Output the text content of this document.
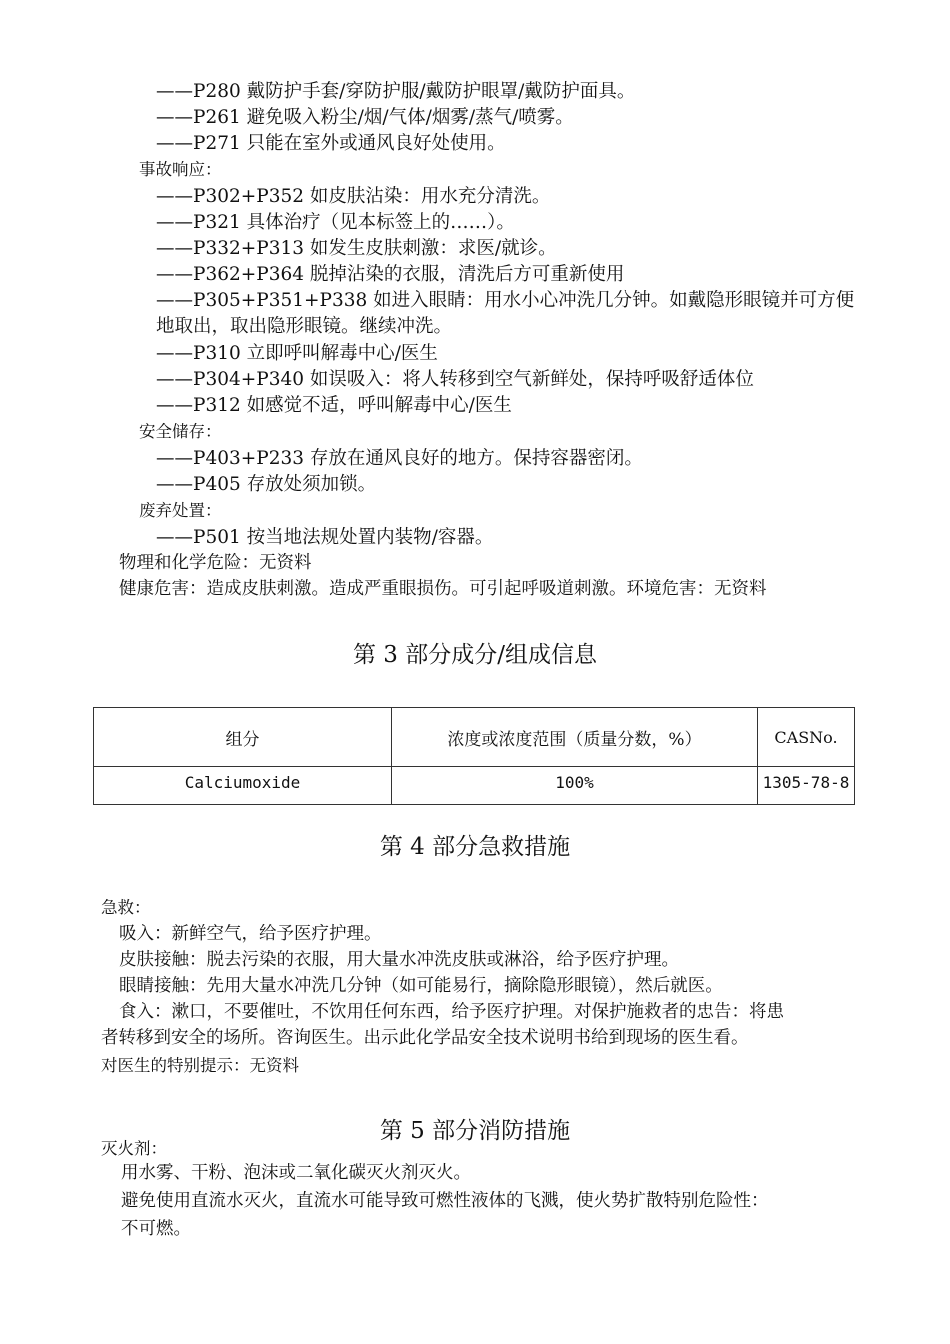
——P280 戴防护手套/穿防护服/戴防护眼罩/戴防护面具。
——P261 避免吸入粉尘/烟/气体/烟雾/蒸气/喷雾。
——P271 只能在室外或通风良好处使用。
事故响应：
——P302+P352 如皮肤沾染：用水充分清洗。
——P321 具体治疗（见本标签上的……）。
——P332+P313 如发生皮肤刺激：求医/就诊。
——P362+P364 脱掉沾染的衣服，清洗后方可重新使用
——P305+P351+P338 如进入眼睛：用水小心冲洗几分钟。如戴隐形眼镜并可方便
地取出，取出隐形眼镜。继续冲洗。
——P310 立即呼叫解毒中心/医生
——P304+P340 如误吸入：将人转移到空气新鲜处，保持呼吸舒适体位
——P312 如感觉不适，呼叫解毒中心/医生
安全储存：
——P403+P233 存放在通风良好的地方。保持容器密闭。
——P405 存放处须加锁。
废弃处置：
——P501 按当地法规处置内装物/容器。
物理和化学危险：无资料
健康危害：造成皮肤刺激。造成严重眼损伤。可引起呼吸道刺激。环境危害：无资料
第 3 部分成分/组成信息
组分	浓度或浓度范围（质量分数，%）	CASNo.
Calciumoxide	100%	1305-78-8
第 4 部分急救措施
急救：
吸入：新鲜空气，给予医疗护理。
皮肤接触：脱去污染的衣服，用大量水冲洗皮肤或淋浴，给予医疗护理。
眼睛接触：先用大量水冲洗几分钟（如可能易行，摘除隐形眼镜），然后就医。
食入：漱口，不要催吐，不饮用任何东西，给予医疗护理。对保护施救者的忠告：将患
者转移到安全的场所。咨询医生。出示此化学品安全技术说明书给到现场的医生看。
对医生的特别提示：无资料
第 5 部分消防措施
灭火剂：
用水雾、干粉、泡沫或二氧化碳灭火剂灭火。
避免使用直流水灭火，直流水可能导致可燃性液体的飞溅，使火势扩散特别危险性：
不可燃。
